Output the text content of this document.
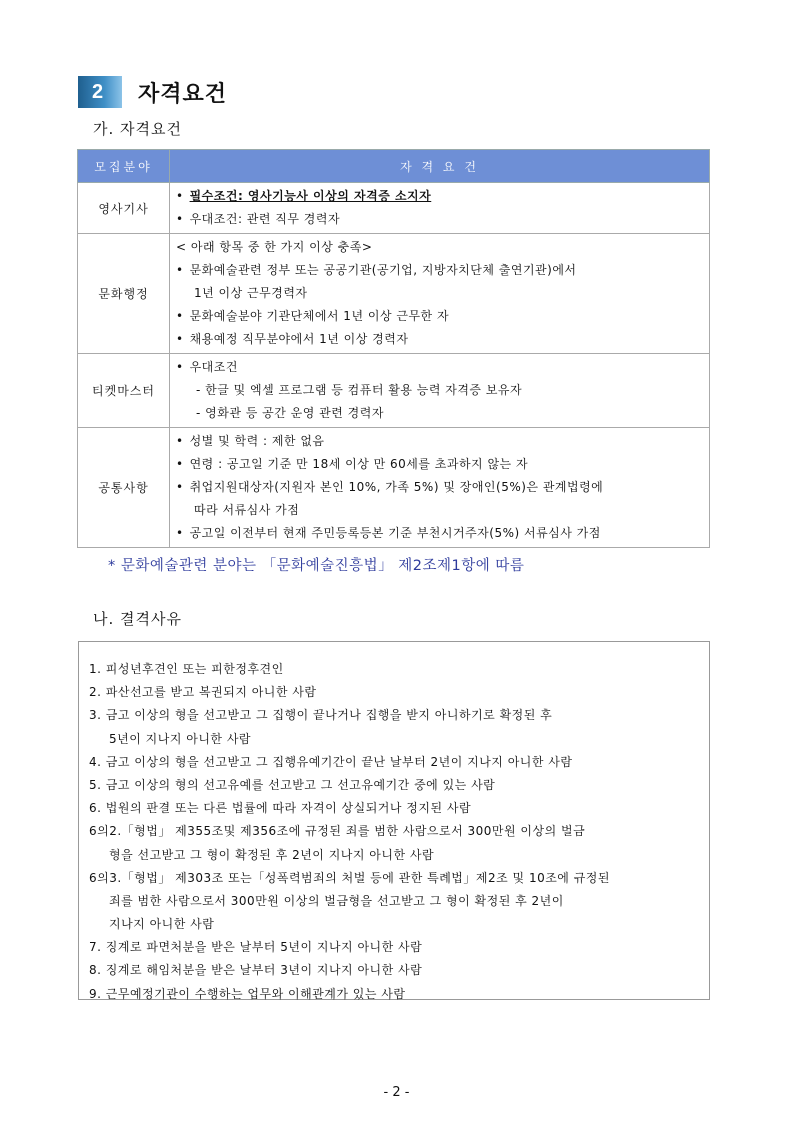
2	자격요건
가. 자격요건
모집분야	자 격 요 건
영사기사	• 필수조건: 영사기능사 이상의 자격증 소지자
• 우대조건: 관련 직무 경력자

문화행정	< 아래 항목 중 한 가지 이상 충족>
• 문화예술관련 정부 또는 공공기관(공기업, 지방자치단체 출연기관)에서
1년 이상 근무경력자
• 문화예술분야 기관단체에서 1년 이상 근무한 자
• 채용예정 직무분야에서 1년 이상 경력자

티켓마스터	• 우대조건
- 한글 및 엑셀 프로그램 등 컴퓨터 활용 능력 자격증 보유자
- 영화관 등 공간 운영 관련 경력자

공통사항	• 성별 및 학력 : 제한 없음
• 연령 : 공고일 기준 만 18세 이상 만 60세를 초과하지 않는 자
• 취업지원대상자(지원자 본인 10%, 가족 5%) 및 장애인(5%)은 관계법령에
따라 서류심사 가점
• 공고일 이전부터 현재 주민등록등본 기준 부천시거주자(5%) 서류심사 가점
* 문화예술관련 분야는 「문화예술진흥법」 제2조제1항에 따름
나. 결격사유
1. 피성년후견인 또는 피한정후견인
2. 파산선고를 받고 복권되지 아니한 사람
3. 금고 이상의 형을 선고받고 그 집행이 끝나거나 집행을 받지 아니하기로 확정된 후
5년이 지나지 아니한 사람
4. 금고 이상의 형을 선고받고 그 집행유예기간이 끝난 날부터 2년이 지나지 아니한 사람
5. 금고 이상의 형의 선고유예를 선고받고 그 선고유예기간 중에 있는 사람
6. 법원의 판결 또는 다른 법률에 따라 자격이 상실되거나 정지된 사람
6의2.「형법」 제355조및 제356조에 규정된 죄를 범한 사람으로서 300만원 이상의 벌금
형을 선고받고 그 형이 확정된 후 2년이 지나지 아니한 사람
6의3.「형법」 제303조 또는「성폭력범죄의 처벌 등에 관한 특례법」제2조 및 10조에 규정된
죄를 범한 사람으로서 300만원 이상의 벌금형을 선고받고 그 형이 확정된 후 2년이
지나지 아니한 사람
7. 징계로 파면처분을 받은 날부터 5년이 지나지 아니한 사람
8. 징계로 해임처분을 받은 날부터 3년이 지나지 아니한 사람
9. 근무예정기관이 수행하는 업무와 이해관계가 있는 사람
- 2 -
